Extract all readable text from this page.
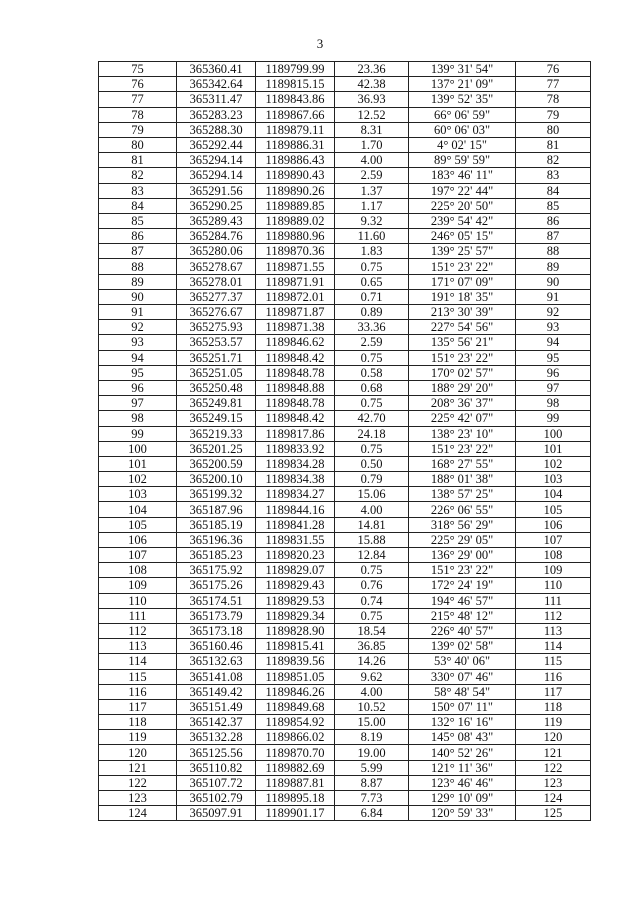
3
75	365360.41	1189799.99	23.36	139° 31' 54"	76
76	365342.64	1189815.15	42.38	137° 21' 09"	77
77	365311.47	1189843.86	36.93	139° 52' 35"	78
78	365283.23	1189867.66	12.52	66° 06' 59"	79
79	365288.30	1189879.11	8.31	60° 06' 03"	80
80	365292.44	1189886.31	1.70	4° 02' 15"	81
81	365294.14	1189886.43	4.00	89° 59' 59"	82
82	365294.14	1189890.43	2.59	183° 46' 11"	83
83	365291.56	1189890.26	1.37	197° 22' 44"	84
84	365290.25	1189889.85	1.17	225° 20' 50"	85
85	365289.43	1189889.02	9.32	239° 54' 42"	86
86	365284.76	1189880.96	11.60	246° 05' 15"	87
87	365280.06	1189870.36	1.83	139° 25' 57"	88
88	365278.67	1189871.55	0.75	151° 23' 22"	89
89	365278.01	1189871.91	0.65	171° 07' 09"	90
90	365277.37	1189872.01	0.71	191° 18' 35"	91
91	365276.67	1189871.87	0.89	213° 30' 39"	92
92	365275.93	1189871.38	33.36	227° 54' 56"	93
93	365253.57	1189846.62	2.59	135° 56' 21"	94
94	365251.71	1189848.42	0.75	151° 23' 22"	95
95	365251.05	1189848.78	0.58	170° 02' 57"	96
96	365250.48	1189848.88	0.68	188° 29' 20"	97
97	365249.81	1189848.78	0.75	208° 36' 37"	98
98	365249.15	1189848.42	42.70	225° 42' 07"	99
99	365219.33	1189817.86	24.18	138° 23' 10"	100
100	365201.25	1189833.92	0.75	151° 23' 22"	101
101	365200.59	1189834.28	0.50	168° 27' 55"	102
102	365200.10	1189834.38	0.79	188° 01' 38"	103
103	365199.32	1189834.27	15.06	138° 57' 25"	104
104	365187.96	1189844.16	4.00	226° 06' 55"	105
105	365185.19	1189841.28	14.81	318° 56' 29"	106
106	365196.36	1189831.55	15.88	225° 29' 05"	107
107	365185.23	1189820.23	12.84	136° 29' 00"	108
108	365175.92	1189829.07	0.75	151° 23' 22"	109
109	365175.26	1189829.43	0.76	172° 24' 19"	110
110	365174.51	1189829.53	0.74	194° 46' 57"	111
111	365173.79	1189829.34	0.75	215° 48' 12"	112
112	365173.18	1189828.90	18.54	226° 40' 57"	113
113	365160.46	1189815.41	36.85	139° 02' 58"	114
114	365132.63	1189839.56	14.26	53° 40' 06"	115
115	365141.08	1189851.05	9.62	330° 07' 46"	116
116	365149.42	1189846.26	4.00	58° 48' 54"	117
117	365151.49	1189849.68	10.52	150° 07' 11"	118
118	365142.37	1189854.92	15.00	132° 16' 16"	119
119	365132.28	1189866.02	8.19	145° 08' 43"	120
120	365125.56	1189870.70	19.00	140° 52' 26"	121
121	365110.82	1189882.69	5.99	121° 11' 36"	122
122	365107.72	1189887.81	8.87	123° 46' 46"	123
123	365102.79	1189895.18	7.73	129° 10' 09"	124
124	365097.91	1189901.17	6.84	120° 59' 33"	125
